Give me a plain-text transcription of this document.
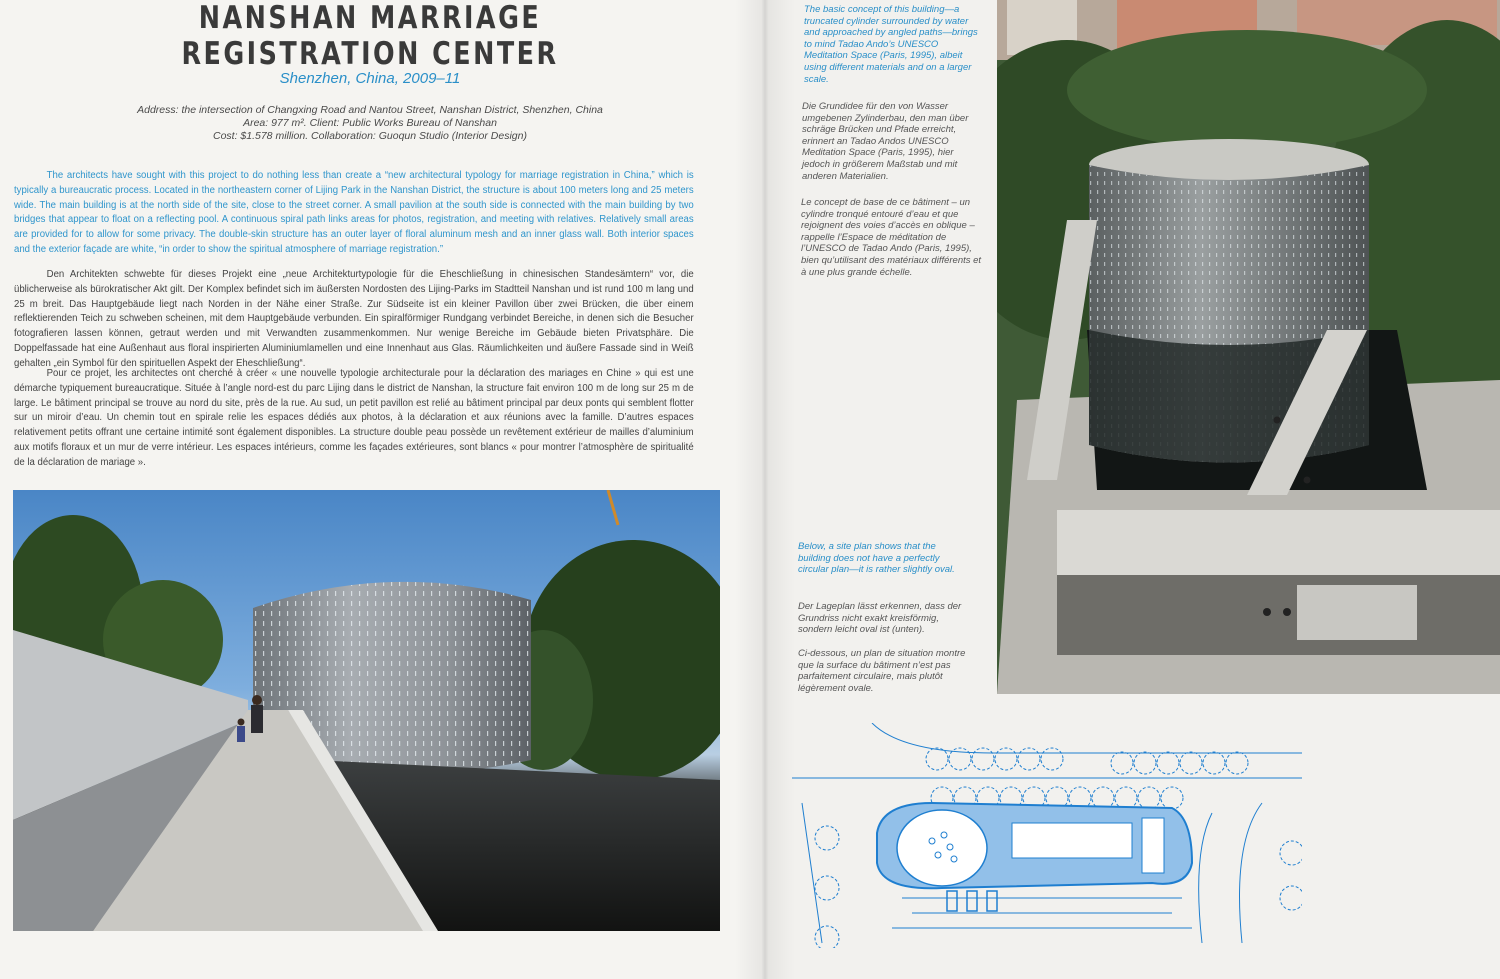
NANSHAN MARRIAGE
REGISTRATION CENTER
Shenzhen, China, 2009–11
Address: the intersection of Changxing Road and Nantou Street, Nanshan District, Shenzhen, China
Area: 977 m². Client: Public Works Bureau of Nanshan
Cost: $1.578 million. Collaboration: Guoqun Studio (Interior Design)

The architects have sought with this project to do nothing less than create a “new architectural typology for marriage registration in China,” which is typically a bureaucratic process. Located in the northeastern corner of Lijing Park in the Nanshan District, the structure is about 100 meters long and 25 meters wide. The main building is at the north side of the site, close to the street corner. A small pavilion at the south side is connected with the main building by two bridges that appear to float on a reflecting pool. A continuous spiral path links areas for photos, registration, and meeting with relatives. Relatively small areas are provided for to allow for some privacy. The double-skin structure has an outer layer of floral aluminum mesh and an inner glass wall. Both interior spaces and the exterior façade are white, “in order to show the spiritual atmosphere of marriage registration.”

Den Architekten schwebte für dieses Projekt eine „neue Architekturtypologie für die Eheschließung in chinesischen Standesämtern“ vor, die üblicherweise als bürokratischer Akt gilt. Der Komplex befindet sich im äußersten Nordosten des Lijing-Parks im Stadtteil Nanshan und ist rund 100 m lang und 25 m breit. Das Hauptgebäude liegt nach Norden in der Nähe einer Straße. Zur Südseite ist ein kleiner Pavillon über zwei Brücken, die über einem reflektierenden Teich zu schweben scheinen, mit dem Hauptgebäude verbunden. Ein spiralförmiger Rundgang verbindet Bereiche, in denen sich die Besucher fotografieren lassen können, getraut werden und mit Verwandten zusammenkommen. Nur wenige Bereiche im Gebäude bieten Privatsphäre. Die Doppelfassade hat eine Außenhaut aus floral inspirierten Aluminiumlamellen und eine Innenhaut aus Glas. Räumlichkeiten und äußere Fassade sind in Weiß gehalten „ein Symbol für den spirituellen Aspekt der Eheschließung“.

Pour ce projet, les architectes ont cherché à créer « une nouvelle typologie architecturale pour la déclaration des mariages en Chine » qui est une démarche typiquement bureaucratique. Située à l’angle nord-est du parc Lijing dans le district de Nanshan, la structure fait environ 100 m de long sur 25 m de large. Le bâtiment principal se trouve au nord du site, près de la rue. Au sud, un petit pavillon est relié au bâtiment principal par deux ponts qui semblent flotter sur un miroir d’eau. Un chemin tout en spirale relie les espaces dédiés aux photos, à la déclaration et aux réunions avec la famille. D’autres espaces relativement petits offrant une certaine intimité sont également disponibles. La structure double peau possède un revêtement extérieur de mailles d’aluminium aux motifs floraux et un mur de verre intérieur. Les espaces intérieurs, comme les façades extérieures, sont blancs « pour montrer l’atmosphère de spiritualité de la déclaration de mariage ».

The basic concept of this building—a truncated cylinder surrounded by water and approached by angled paths—brings to mind Tadao Ando’s UNESCO Meditation Space (Paris, 1995), albeit using different materials and on a larger scale.
Die Grundidee für den von Wasser umgebenen Zylinderbau, den man über schräge Brücken und Pfade erreicht, erinnert an Tadao Andos UNESCO Meditation Space (Paris, 1995), hier jedoch in größerem Maßstab und mit anderen Materialien.
Le concept de base de ce bâtiment – un cylindre tronqué entouré d’eau et que rejoignent des voies d’accès en oblique – rappelle l’Espace de méditation de l’UNESCO de Tadao Ando (Paris, 1995), bien qu’utilisant des matériaux différents et à une plus grande échelle.
Below, a site plan shows that the building does not have a perfectly circular plan—it is rather slightly oval.
Der Lageplan lässt erkennen, dass der Grundriss nicht exakt kreisförmig, sondern leicht oval ist (unten).
Ci-dessous, un plan de situation montre que la surface du bâtiment n’est pas parfaitement circulaire, mais plutôt légèrement ovale.
